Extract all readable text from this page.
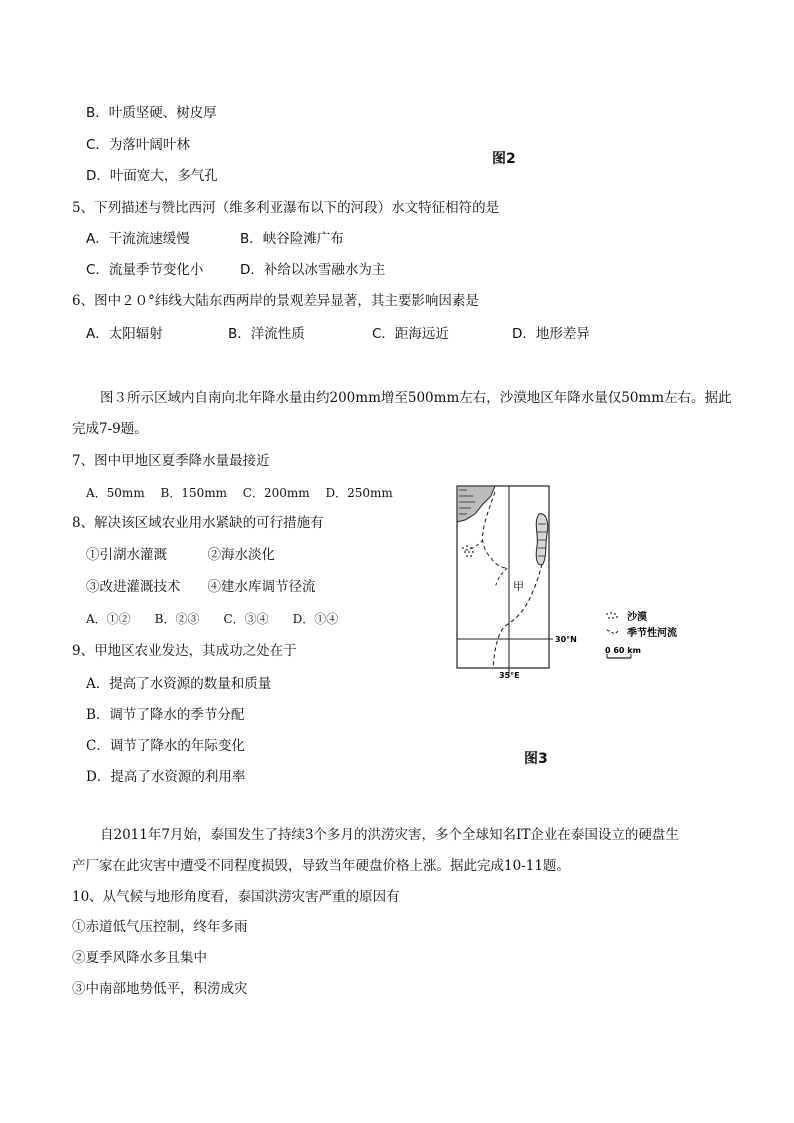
B．叶质坚硬、树皮厚
C．为落叶阔叶林
D．叶面宽大，多气孔
图2
5、下列描述与赞比西河（维多利亚瀑布以下的河段）水文特征相符的是
A．干流流速缓慢	B．峡谷险滩广布
C．流量季节变化小	D．补给以冰雪融水为主
6、图中２０°纬线大陆东西两岸的景观差异显著，其主要影响因素是
A．太阳辐射	B．洋流性质	C．距海远近	D．地形差异
图３所示区域内自南向北年降水量由约200mm增至500mm左右，沙漠地区年降水量仅50mm左右。据此
完成7-9题。
7、图中甲地区夏季降水量最接近
A．50mm　 B．150mm　 C．200mm　 D．250mm
8、解决该区域农业用水紧缺的可行措施有
①引湖水灌溉　　　②海水淡化
③改进灌溉技术　　④建水库调节径流
A．①②　　B．②③　　C．③④　　D．①④
9、甲地区农业发达，其成功之处在于
A．提高了水资源的数量和质量
B．调节了降水的季节分配
C．调节了降水的年际变化
D．提高了水资源的利用率
甲
30°N
35°E
沙漠
季节性河流
0 60 km
图3
自2011年7月始，泰国发生了持续3个多月的洪涝灾害，多个全球知名IT企业在泰国设立的硬盘生
产厂家在此灾害中遭受不同程度损毁，导致当年硬盘价格上涨。据此完成10-11题。
10、从气候与地形角度看，泰国洪涝灾害严重的原因有
①赤道低气压控制，终年多雨
②夏季风降水多且集中
③中南部地势低平，积涝成灾
